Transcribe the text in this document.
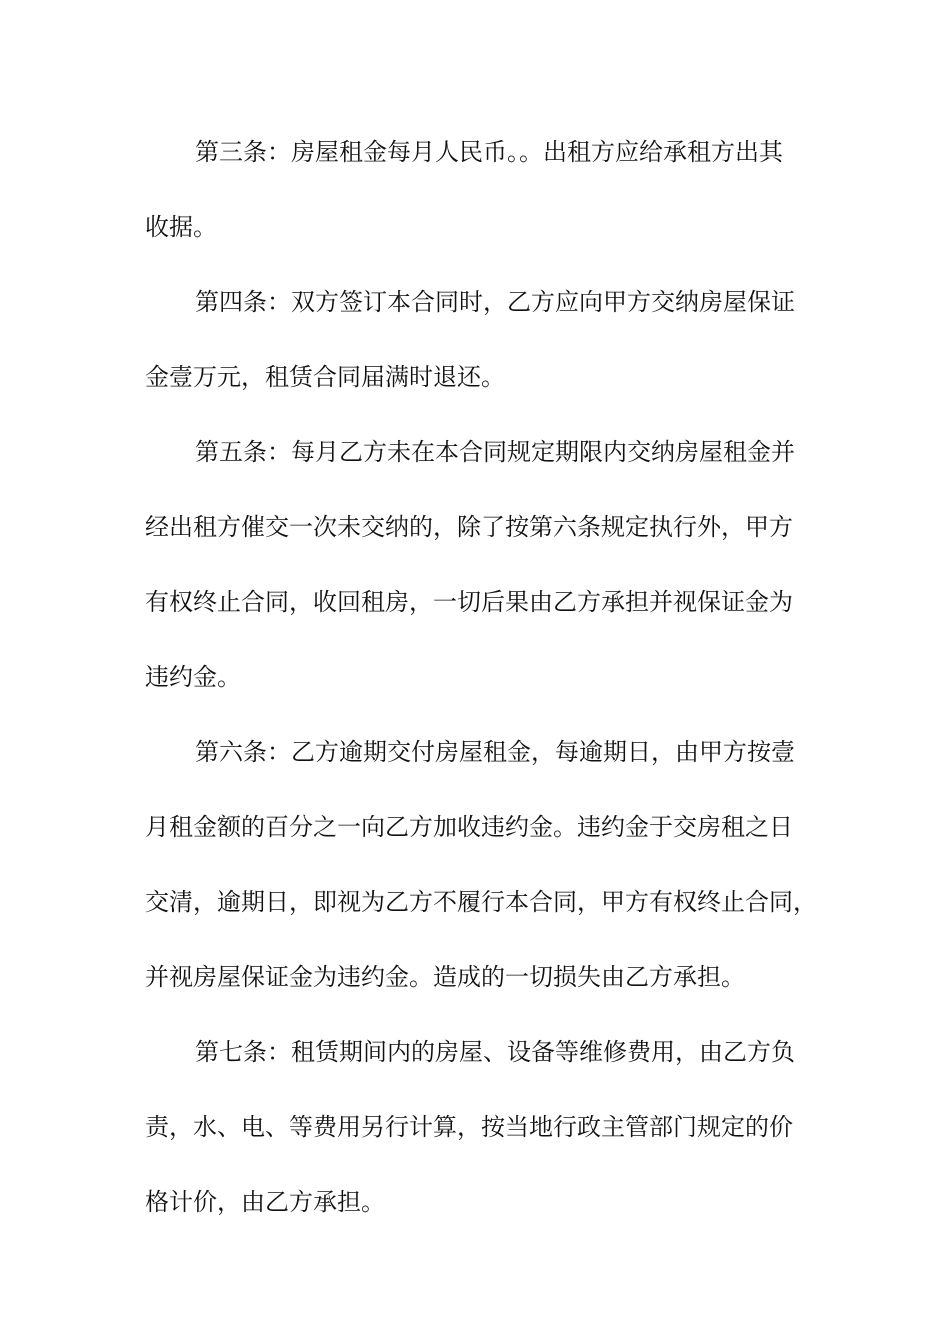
第三条：房屋租金每月人民币。。出租方应给承租方出其
收据。
第四条：双方签订本合同时，乙方应向甲方交纳房屋保证
金壹万元，租赁合同届满时退还。
第五条：每月乙方未在本合同规定期限内交纳房屋租金并
经出租方催交一次未交纳的，除了按第六条规定执行外，甲方
有权终止合同，收回租房，一切后果由乙方承担并视保证金为
违约金。
第六条：乙方逾期交付房屋租金，每逾期日，由甲方按壹
月租金额的百分之一向乙方加收违约金。违约金于交房租之日
交清，逾期日，即视为乙方不履行本合同，甲方有权终止合同，
并视房屋保证金为违约金。造成的一切损失由乙方承担。
第七条：租赁期间内的房屋、设备等维修费用，由乙方负
责，水、电、等费用另行计算，按当地行政主管部门规定的价
格计价，由乙方承担。
